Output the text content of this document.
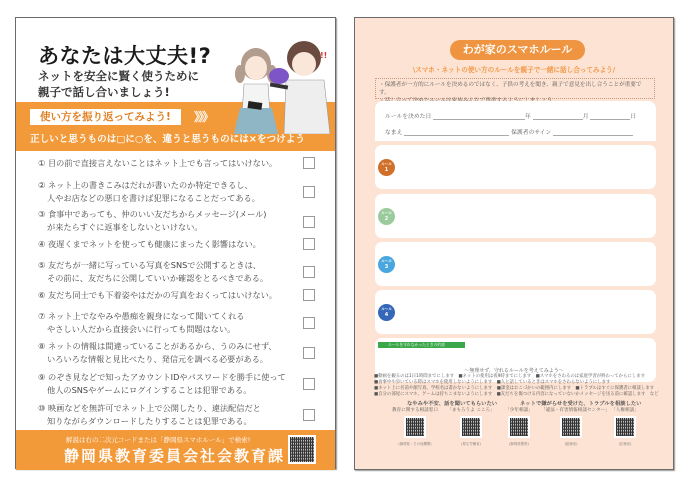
あなたは大丈夫!?
ネットを安全に賢く使うために
親子で話し合いましょう!
使い方を振り返ってみよう!	》》》
正しいと思うものは□に○を、違うと思うものには×をつけよう
!!
① 目の前で直接言えないことはネット上でも言ってはいけない。
② ネット上の書きこみはだれが書いたのか特定できるし、
人やお店などの悪口を書けば犯罪になることだってある。
③ 食事中であっても、仲のいい友だちからメッセージ(メール)
が来たらすぐに返事をしないといけない。
④ 夜遅くまでネットを使っても健康にまったく影響はない。
⑤ 友だちが一緒に写っている写真をSNSで公開するときは、
その前に、友だちに公開していいか確認をとるべきである。
⑥ 友だち同士でも下着姿やはだかの写真をおくってはいけない。
⑦ ネット上でなやみや愚痴を親身になって聞いてくれる
やさしい人だから直接会いに行っても問題はない。
⑧ ネットの情報は間違っていることがあるから、うのみにせず、
いろいろな情報と見比べたり、発信元を調べる必要がある。
⑨ のぞき見などで知ったアカウントIDやパスワードを勝手に使って
他人のSNSやゲームにログインすることは犯罪である。
⑩ 映画などを無許可でネット上で公開したり、違法配信だと
知りながらダウンロードしたりすることは犯罪である。
解説は右の二次元コードまたは「静岡県スマホルール」で検索!
静岡県教育委員会社会教育課
わが家のスマホルール
\スマホ・ネットの使い方のルールを親子で一緒に話し合ってみよう/
・保護者が一方的にルールを決めるのではなく、子供の考えを聞き、親子で意見を出し合うことが重要です。
ルールを決めた日	年	月	日
なまえ	保護者のサイン
ルール
1
ルール
2
ルール
3
ルール
4
ルールを守れなかったときの約束
〜無理せず、守れるルールを考えてみよう〜
■動画を観るのは1日1時間までにします　■ネットの使用は夜9時までにします　■スマホをさわるのは家庭学習が終わってからにします
■食事中や歩いている時はスマホを使用しないようにします　■人と話しているときはスマホをさわらないようにします
■ネット上に名前や顔写真、学校名は書かないようにします　■課金はおこづかいの範囲内にします　■トラブルはすぐに保護者に相談します
■自分の部屋にスマホ、ゲームは持ちこまないようにします　■友だちを傷つける内容になっていないかメッセージを送る前に確認します　など
なやみや不安、話を聞いてもらいたい	ネットで嫌がらせを受けた、トラブルを相談したい
教育に関する相談窓口
(静岡県・その他機関)
「まもろうよ こころ」
(厚生労働省)
「少年相談」
(静岡県警察)
「違法・有害情報相談センター」
(総務省)
「人権相談」
(法務省)
